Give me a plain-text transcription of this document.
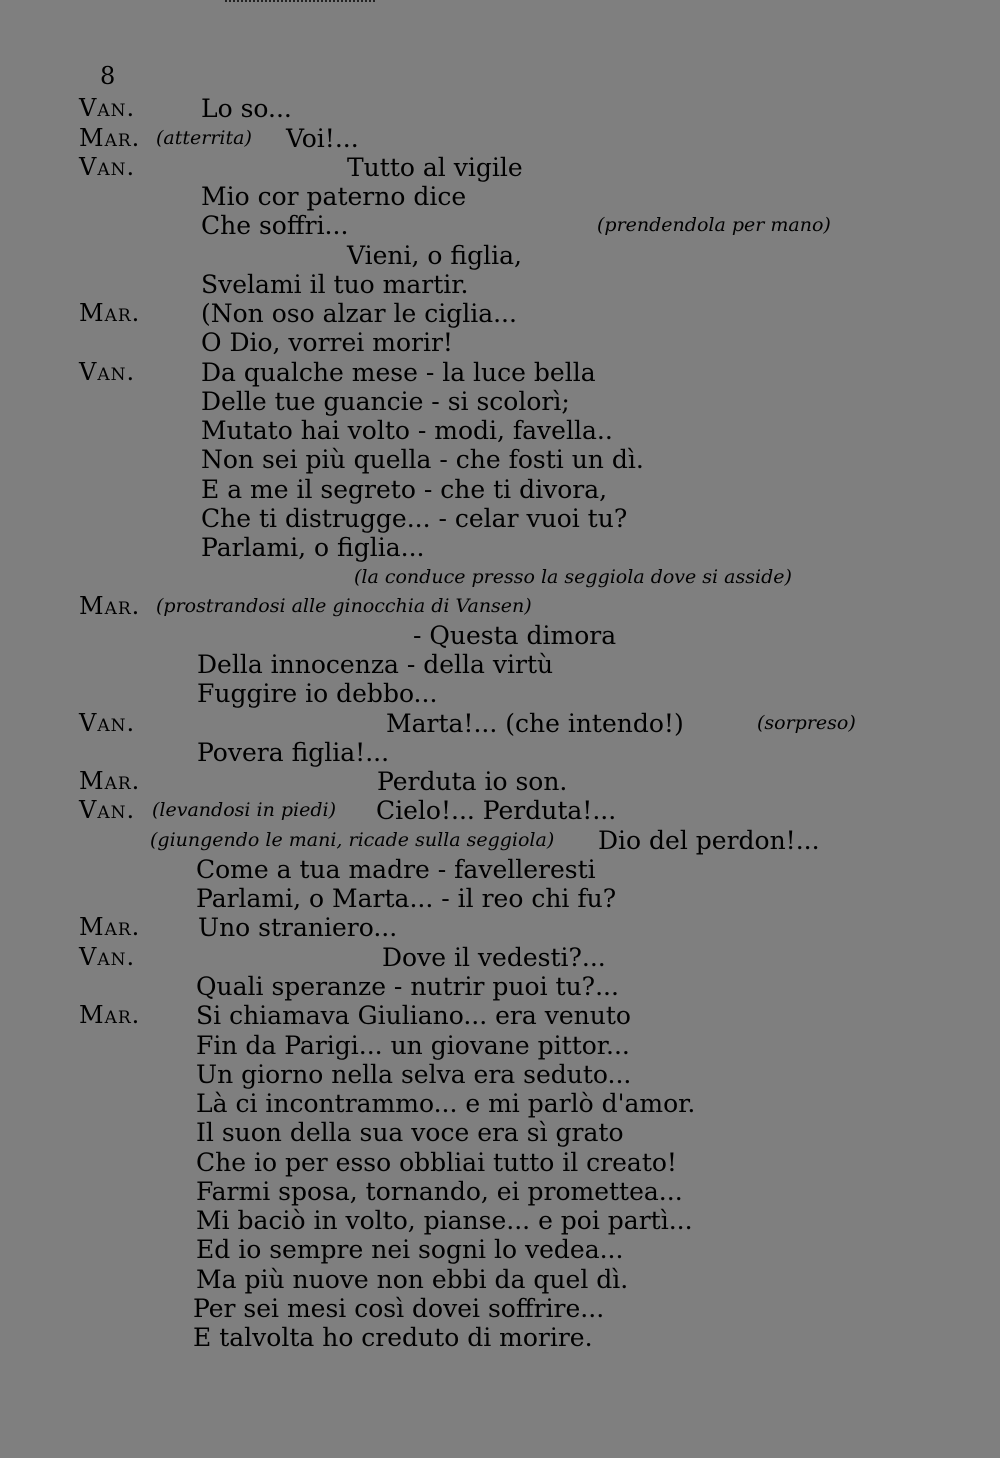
8
Van.	Lo so...
Mar. (atterrita) Voi!...
Van.	Tutto al vigile
Mio cor paterno dice
(prendendola per mano)
Che soffri...
Vieni, o figlia,
Svelami il tuo martir.
Mar. (Non oso alzar le ciglia...
O Dio, vorrei morir!
Van.	Da qualche mese - la luce bella
Delle tue guancie - si scolorì;
Mutato hai volto - modi, favella..
Non sei più quella - che fosti un dì.
E a me il segreto - che ti divora,
Che ti distrugge... - celar vuoi tu?
Parlami, o figlia...
(la conduce presso la seggiola dove si asside)
Mar. (prostrandosi alle ginocchia di Vansen)
- Questa dimora
Della innocenza - della virtù
Fuggire io debbo...
Van.	(sorpreso)
Marta!... (che intendo!)
Povera figlia!...
Mar.	Perduta io son.
Van. (levandosi in piedi) Cielo!... Perduta!...
(giungendo le mani, ricade sulla seggiola) Dio del perdon!...
Come a tua madre - favelleresti
Parlami, o Marta... - il reo chi fu?
Mar. Uno straniero...
Van.	Dove il vedesti?...
Quali speranze - nutrir puoi tu?...
Mar. Si chiamava Giuliano... era venuto
Fin da Parigi... un giovane pittor...
Un giorno nella selva era seduto...
Là ci incontrammo... e mi parlò d'amor.
Il suon della sua voce era sì grato
Che io per esso obbliai tutto il creato!
Farmi sposa, tornando, ei promettea...
Mi baciò in volto, pianse... e poi partì...
Ed io sempre nei sogni lo vedea...
Ma più nuove non ebbi da quel dì.
Per sei mesi così dovei soffrire...
E talvolta ho creduto di morire.
